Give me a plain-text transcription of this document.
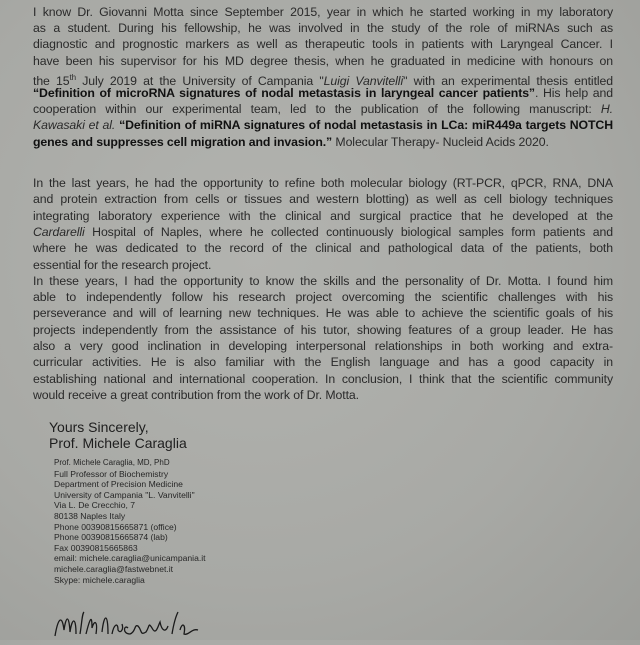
I know Dr. Giovanni Motta since September 2015, year in which he started working in my laboratory
as a student. During his fellowship, he was involved in the study of the role of miRNAs such as
diagnostic and prognostic markers as well as therapeutic tools in patients with Laryngeal Cancer. I
have been his supervisor for his MD degree thesis, when he graduated in medicine with honours on
the 15th July 2019 at the University of Campania "Luigi Vanvitelli" with an experimental thesis entitled
“Definition of microRNA signatures of nodal metastasis in laryngeal cancer patients”. His help and
cooperation within our experimental team, led to the publication of the following manuscript: H.
Kawasaki et al. “Definition of miRNA signatures of nodal metastasis in LCa: miR449a targets NOTCH
genes and suppresses cell migration and invasion.” Molecular Therapy- Nucleid Acids 2020.
In the last years, he had the opportunity to refine both molecular biology (RT-PCR, qPCR, RNA, DNA
and protein extraction from cells or tissues and western blotting) as well as cell biology techniques
integrating laboratory experience with the clinical and surgical practice that he developed at the
Cardarelli Hospital of Naples, where he collected continuously biological samples form patients and
where he was dedicated to the record of the clinical and pathological data of the patients, both
essential for the research project.
In these years, I had the opportunity to know the skills and the personality of Dr. Motta. I found him
able to independently follow his research project overcoming the scientific challenges with his
perseverance and will of learning new techniques. He was able to achieve the scientific goals of his
projects independently from the assistance of his tutor, showing features of a group leader. He has
also a very good inclination in developing interpersonal relationships in both working and extra-
curricular activities. He is also familiar with the English language and has a good capacity in
establishing national and international cooperation. In conclusion, I think that the scientific community
would receive a great contribution from the work of Dr. Motta.
Yours Sincerely,
Prof. Michele Caraglia
Prof. Michele Caraglia, MD, PhD
Full Professor of Biochemistry
Department of Precision Medicine
University of Campania "L. Vanvitelli"
Via L. De Crecchio, 7
80138 Naples Italy
Phone 00390815665871 (office)
Phone 00390815665874 (lab)
Fax 00390815665863
email: michele.caraglia@unicampania.it
michele.caraglia@fastwebnet.it
Skype: michele.caraglia
